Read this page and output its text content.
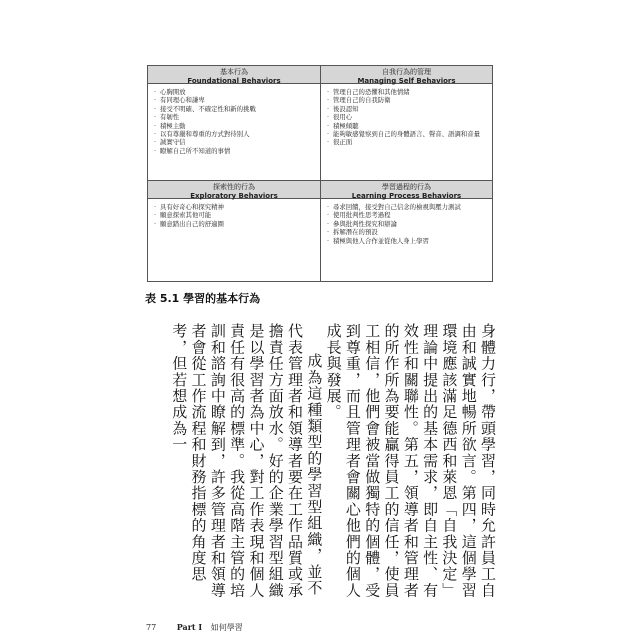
基本行為
Foundational Behaviors
· 心胸開放
· 有同理心和謙卑
· 接受不明確、不確定性和新的挑戰
· 有韌性
· 積極主動
· 以有尊嚴和尊重的方式對待別人
· 誠實守信
· 瞭解自己所不知道的事情
自我行為的管理
Managing Self Behaviors
· 管理自己的恐懼和其他情緒
· 管理自己的自我防衛
· 後設認知
· 很用心
· 積極傾聽
· 能夠敏感覺察到自己的身體語言、聲音、語調和音量
· 很正面
探索性的行為
Exploratory Behaviors
· 具有好奇心和探究精神
· 願意探索其他可能
· 願意踏出自己的舒適圈
學習過程的行為
Learning Process Behaviors
· 尋求回饋，接受對自己信念的檢視與壓力測試
· 使用批判性思考過程
· 參與批判性探究和辯論
· 拆解潛在的預設
· 積極與他人合作並從他人身上學習
表 5.1 學習的基本行為

身體力行，帶頭學習，同時允許員工自由和誠實地暢所欲言。第四，這個學習環境應該滿足德西和萊恩「自我決定」理論中提出的基本需求，即自主性、有效性和關聯性。第五，領導者和管理者的所作所為要能贏得員工的信任，使員工相信，他們會被當做獨特的個體，受到尊重，而且管理者會關心他們的個人成長與發展。

成為這種類型的學習型組織，並不代表管理者和領導者要在工作品質或承擔責任方面放水。好的企業學習型組織是以學習者為中心，對工作表現和個人責任有很高的標準。我從高階主管的培訓和諮詢中瞭解到，許多管理者和領導者會從工作流程和財務指標的角度思考，但若想成為一

77	Part I 如何學習
